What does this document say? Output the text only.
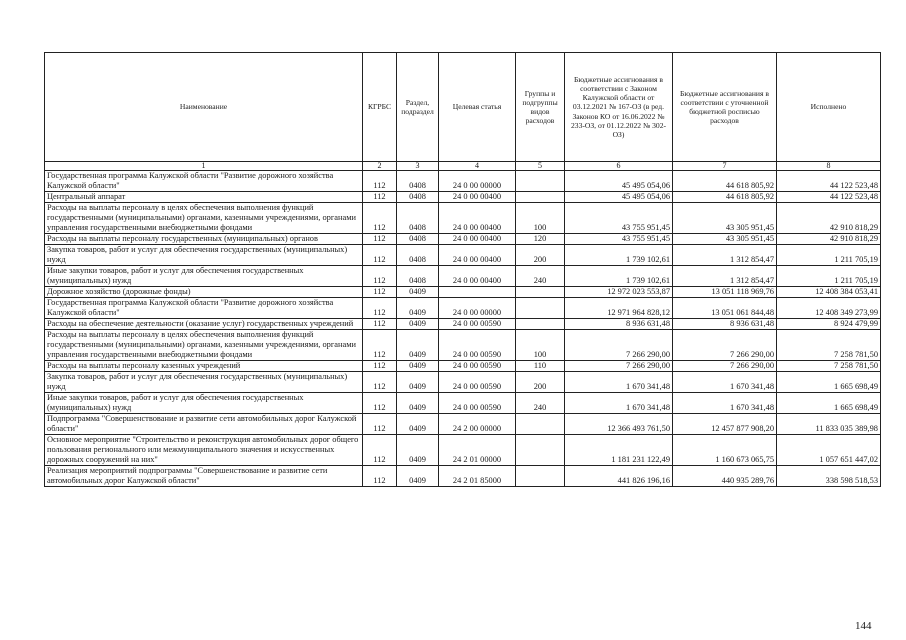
Наименование	КГРБС	Раздел, подраздел	Целевая статья	Группы и подгруппы видов расходов	Бюджетные ассигнования в соответствии с Законом Калужской области от 03.12.2021 № 167-ОЗ (в ред. Законов КО от 16.06.2022 № 233-ОЗ, от 01.12.2022 № 302-ОЗ)	Бюджетные ассигнования в соответствии с уточненной бюджетной росписью расходов	Исполнено
1	2	3	4	5	6	7	8
Государственная программа Калужской области "Развитие дорожного хозяйства Калужской области"	112	0408	24 0 00 00000		45 495 054,06	44 618 805,92	44 122 523,48
Центральный аппарат	112	0408	24 0 00 00400		45 495 054,06	44 618 805,92	44 122 523,48
Расходы на выплаты персоналу в целях обеспечения выполнения функций государственными (муниципальными) органами, казенными учреждениями, органами управления государственными внебюджетными фондами	112	0408	24 0 00 00400	100	43 755 951,45	43 305 951,45	42 910 818,29
Расходы на выплаты персоналу государственных (муниципальных) органов	112	0408	24 0 00 00400	120	43 755 951,45	43 305 951,45	42 910 818,29
Закупка товаров, работ и услуг для обеспечения государственных (муниципальных) нужд	112	0408	24 0 00 00400	200	1 739 102,61	1 312 854,47	1 211 705,19
Иные закупки товаров, работ и услуг для обеспечения государственных (муниципальных) нужд	112	0408	24 0 00 00400	240	1 739 102,61	1 312 854,47	1 211 705,19
Дорожное хозяйство (дорожные фонды)	112	0409			12 972 023 553,87	13 051 118 969,76	12 408 384 053,41
Государственная программа Калужской области "Развитие дорожного хозяйства Калужской области"	112	0409	24 0 00 00000		12 971 964 828,12	13 051 061 844,48	12 408 349 273,99
Расходы на обеспечение деятельности (оказание услуг) государственных учреждений	112	0409	24 0 00 00590		8 936 631,48	8 936 631,48	8 924 479,99
Расходы на выплаты персоналу в целях обеспечения выполнения функций государственными (муниципальными) органами, казенными учреждениями, органами управления государственными внебюджетными фондами	112	0409	24 0 00 00590	100	7 266 290,00	7 266 290,00	7 258 781,50
Расходы на выплаты персоналу казенных учреждений	112	0409	24 0 00 00590	110	7 266 290,00	7 266 290,00	7 258 781,50
Закупка товаров, работ и услуг для обеспечения государственных (муниципальных) нужд	112	0409	24 0 00 00590	200	1 670 341,48	1 670 341,48	1 665 698,49
Иные закупки товаров, работ и услуг для обеспечения государственных (муниципальных) нужд	112	0409	24 0 00 00590	240	1 670 341,48	1 670 341,48	1 665 698,49
Подпрограмма "Совершенствование и развитие сети автомобильных дорог Калужской области"	112	0409	24 2 00 00000		12 366 493 761,50	12 457 877 908,20	11 833 035 389,98
Основное мероприятие "Строительство и реконструкция автомобильных дорог общего пользования регионального или межмуниципального значения и искусственных дорожных сооружений на них"	112	0409	24 2 01 00000		1 181 231 122,49	1 160 673 065,75	1 057 651 447,02
Реализация мероприятий подпрограммы "Совершенствование и развитие сети автомобильных дорог Калужской области"	112	0409	24 2 01 85000		441 826 196,16	440 935 289,76	338 598 518,53
144
